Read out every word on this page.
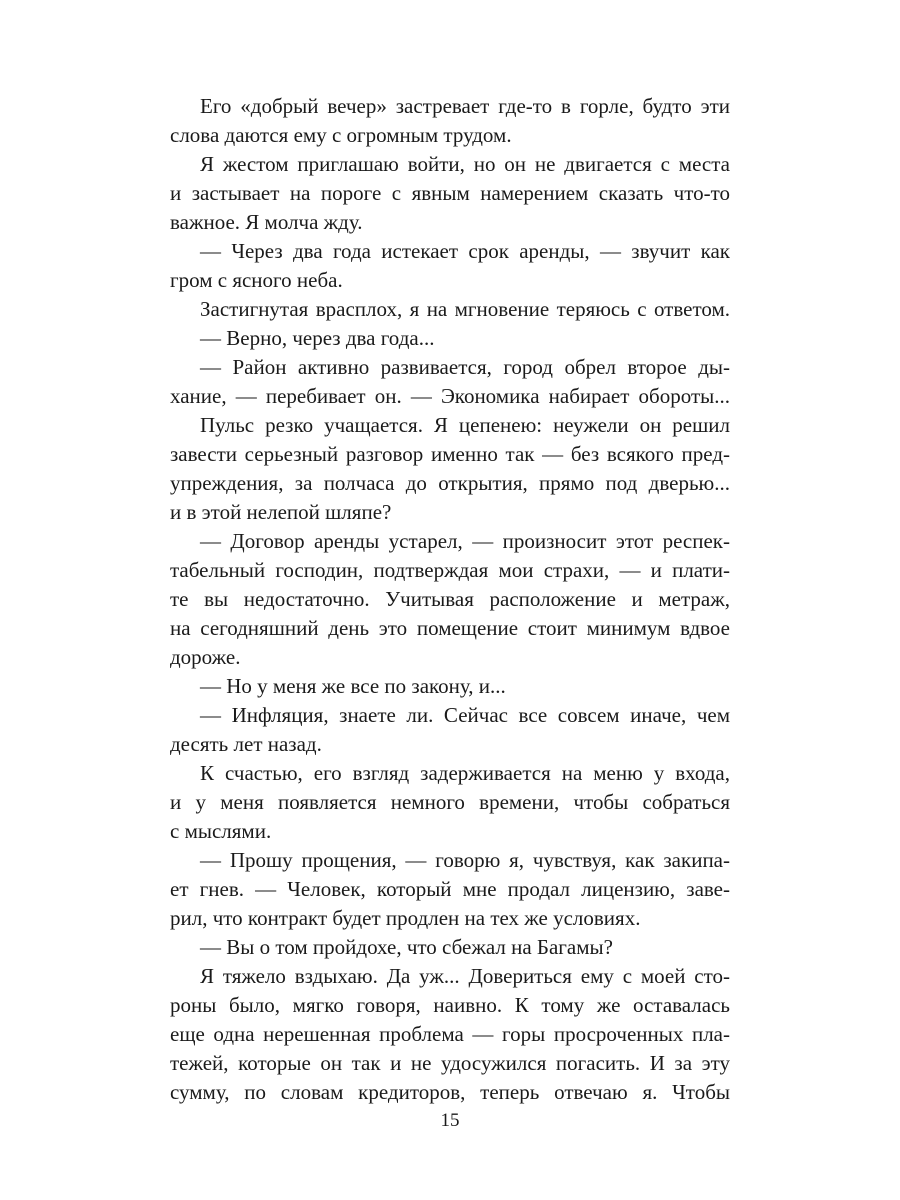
Его «добрый вечер» застревает где-то в горле, будто эти
слова даются ему с огромным трудом.
Я жестом приглашаю войти, но он не двигается с места
и застывает на пороге с явным намерением сказать что-то
важное. Я молча жду.
— Через два года истекает срок аренды, — звучит как
гром с ясного неба.
Застигнутая врасплох, я на мгновение теряюсь с ответом.
— Верно, через два года...
— Район активно развивается, город обрел второе ды-
хание, — перебивает он. — Экономика набирает обороты...
Пульс резко учащается. Я цепенею: неужели он решил
завести серьезный разговор именно так — без всякого пред-
упреждения, за полчаса до открытия, прямо под дверью...
и в этой нелепой шляпе?
— Договор аренды устарел, — произносит этот респек-
табельный господин, подтверждая мои страхи, — и плати-
те вы недостаточно. Учитывая расположение и метраж,
на сегодняшний день это помещение стоит минимум вдвое
дороже.
— Но у меня же все по закону, и...
— Инфляция, знаете ли. Сейчас все совсем иначе, чем
десять лет назад.
К счастью, его взгляд задерживается на меню у входа,
и у меня появляется немного времени, чтобы собраться
с мыслями.
— Прошу прощения, — говорю я, чувствуя, как закипа-
ет гнев. — Человек, который мне продал лицензию, заве-
рил, что контракт будет продлен на тех же условиях.
— Вы о том пройдохе, что сбежал на Багамы?
Я тяжело вздыхаю. Да уж... Довериться ему с моей сто-
роны было, мягко говоря, наивно. К тому же оставалась
еще одна нерешенная проблема — горы просроченных пла-
тежей, которые он так и не удосужился погасить. И за эту
сумму, по словам кредиторов, теперь отвечаю я. Чтобы
15
